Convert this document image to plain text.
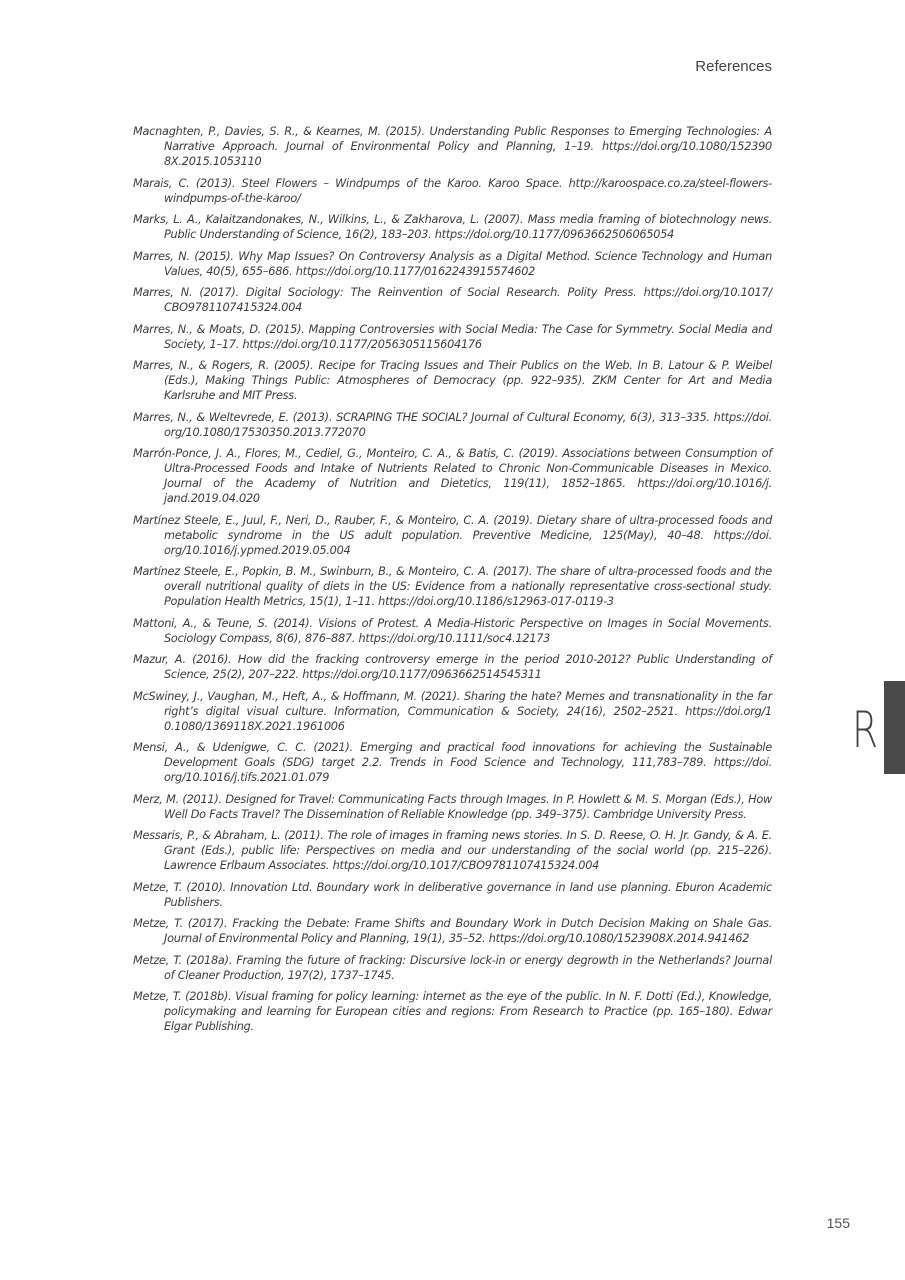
References
Macnaghten, P., Davies, S. R., & Kearnes, M. (2015). Understanding Public Responses to Emerging Technologies: A Narrative Approach. Journal of Environmental Policy and Planning, 1–19. https://doi.org/10.1080/152390 8X.2015.1053110
Marais, C. (2013). Steel Flowers – Windpumps of the Karoo. Karoo Space. http://karoospace.co.za/steel-flowers-windpumps-of-the-karoo/
Marks, L. A., Kalaitzandonakes, N., Wilkins, L., & Zakharova, L. (2007). Mass media framing of biotechnology news. Public Understanding of Science, 16(2), 183–203. https://doi.org/10.1177/0963662506065054
Marres, N. (2015). Why Map Issues? On Controversy Analysis as a Digital Method. Science Technology and Human Values, 40(5), 655–686. https://doi.org/10.1177/0162243915574602
Marres, N. (2017). Digital Sociology: The Reinvention of Social Research. Polity Press. https://doi.org/10.1017/ CBO9781107415324.004
Marres, N., & Moats, D. (2015). Mapping Controversies with Social Media: The Case for Symmetry. Social Media and Society, 1–17. https://doi.org/10.1177/2056305115604176
Marres, N., & Rogers, R. (2005). Recipe for Tracing Issues and Their Publics on the Web. In B. Latour & P. Weibel (Eds.), Making Things Public: Atmospheres of Democracy (pp. 922–935). ZKM Center for Art and Media Karlsruhe and MIT Press.
Marres, N., & Weltevrede, E. (2013). SCRAPING THE SOCIAL? Journal of Cultural Economy, 6(3), 313–335. https://doi. org/10.1080/17530350.2013.772070
Marrón-Ponce, J. A., Flores, M., Cediel, G., Monteiro, C. A., & Batis, C. (2019). Associations between Consumption of Ultra-Processed Foods and Intake of Nutrients Related to Chronic Non-Communicable Diseases in Mexico. Journal of the Academy of Nutrition and Dietetics, 119(11), 1852–1865. https://doi.org/10.1016/j. jand.2019.04.020
Martínez Steele, E., Juul, F., Neri, D., Rauber, F., & Monteiro, C. A. (2019). Dietary share of ultra-processed foods and metabolic syndrome in the US adult population. Preventive Medicine, 125(May), 40–48. https://doi. org/10.1016/j.ypmed.2019.05.004
Martínez Steele, E., Popkin, B. M., Swinburn, B., & Monteiro, C. A. (2017). The share of ultra-processed foods and the overall nutritional quality of diets in the US: Evidence from a nationally representative cross-sectional study. Population Health Metrics, 15(1), 1–11. https://doi.org/10.1186/s12963-017-0119-3
Mattoni, A., & Teune, S. (2014). Visions of Protest. A Media-Historic Perspective on Images in Social Movements. Sociology Compass, 8(6), 876–887. https://doi.org/10.1111/soc4.12173
Mazur, A. (2016). How did the fracking controversy emerge in the period 2010-2012? Public Understanding of Science, 25(2), 207–222. https://doi.org/10.1177/0963662514545311
McSwiney, J., Vaughan, M., Heft, A., & Hoffmann, M. (2021). Sharing the hate? Memes and transnationality in the far right’s digital visual culture. Information, Communication & Society, 24(16), 2502–2521. https://doi.org/1 0.1080/1369118X.2021.1961006
Mensi, A., & Udenigwe, C. C. (2021). Emerging and practical food innovations for achieving the Sustainable Development Goals (SDG) target 2.2. Trends in Food Science and Technology, 111,783–789. https://doi. org/10.1016/j.tifs.2021.01.079
Merz, M. (2011). Designed for Travel: Communicating Facts through Images. In P. Howlett & M. S. Morgan (Eds.), How Well Do Facts Travel? The Dissemination of Reliable Knowledge (pp. 349–375). Cambridge University Press.
Messaris, P., & Abraham, L. (2011). The role of images in framing news stories. In S. D. Reese, O. H. Jr. Gandy, & A. E. Grant (Eds.), public life: Perspectives on media and our understanding of the social world (pp. 215–226). Lawrence Erlbaum Associates. https://doi.org/10.1017/CBO9781107415324.004
Metze, T. (2010). Innovation Ltd. Boundary work in deliberative governance in land use planning. Eburon Academic Publishers.
Metze, T. (2017). Fracking the Debate: Frame Shifts and Boundary Work in Dutch Decision Making on Shale Gas. Journal of Environmental Policy and Planning, 19(1), 35–52. https://doi.org/10.1080/1523908X.2014.941462
Metze, T. (2018a). Framing the future of fracking: Discursive lock-in or energy degrowth in the Netherlands? Journal of Cleaner Production, 197(2), 1737–1745.
Metze, T. (2018b). Visual framing for policy learning: internet as the eye of the public. In N. F. Dotti (Ed.), Knowledge, policymaking and learning for European cities and regions: From Research to Practice (pp. 165–180). Edwar Elgar Publishing.
R
155
